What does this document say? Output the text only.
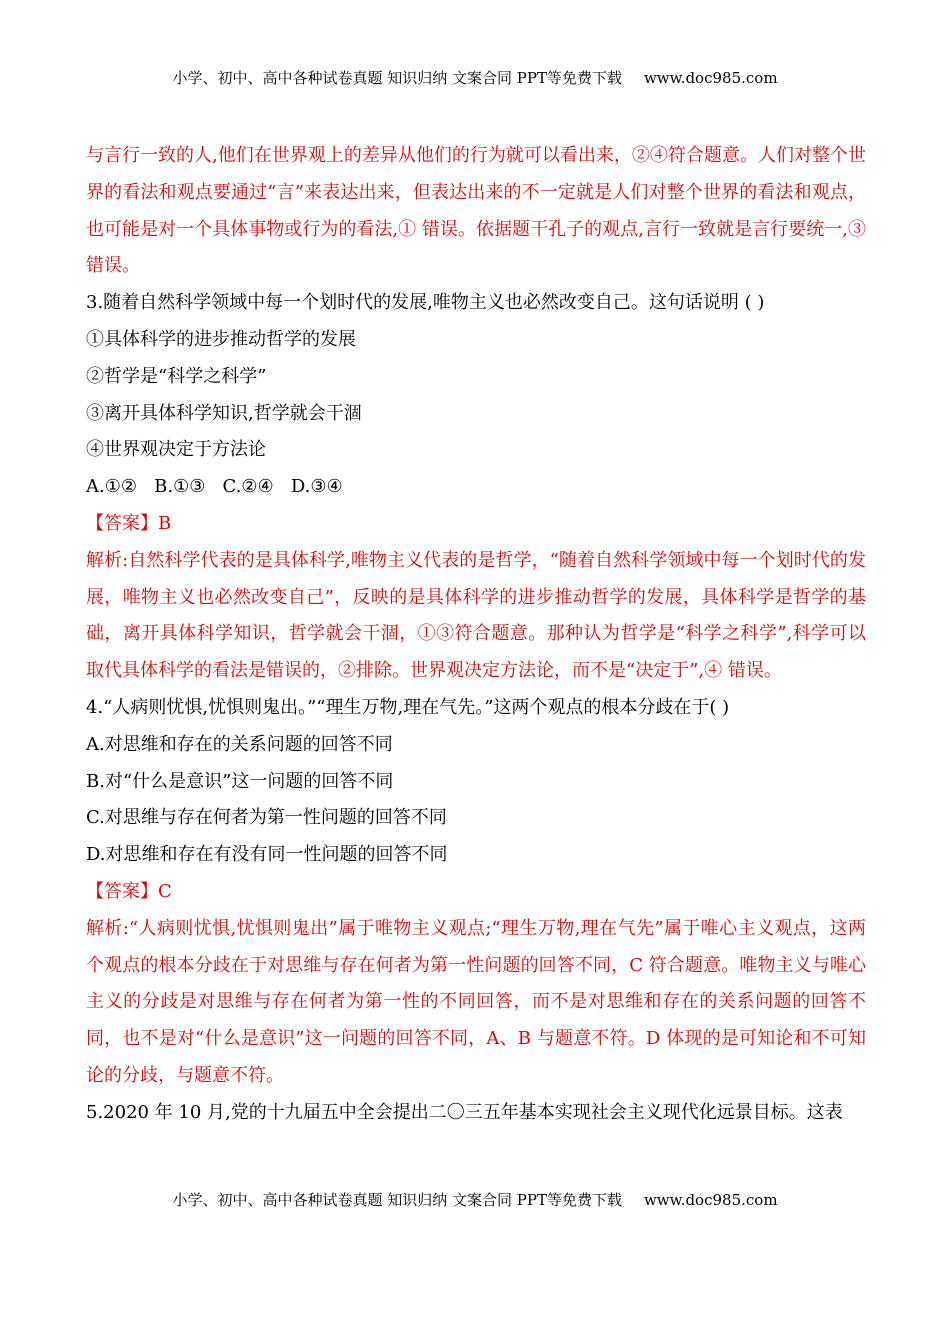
小学、初中、高中各种试卷真题 知识归纳 文案合同 PPT等免费下载 www.doc985.com

与言行一致的人,他们在世界观上的差异从他们的行为就可以看出来，②④符合题意。人们对整个世界的看法和观点要通过“言”来表达出来，但表达出来的不一定就是人们对整个世界的看法和观点，也可能是对一个具体事物或行为的看法,① 错误。依据题干孔子的观点,言行一致就是言行要统一,③ 错误。

3.随着自然科学领域中每一个划时代的发展,唯物主义也必然改变自己。这句话说明 ( )

①具体科学的进步推动哲学的发展

②哲学是“科学之科学”

③离开具体科学知识,哲学就会干涸

④世界观决定于方法论

A.①②   B.①③   C.②④   D.③④

【答案】B

解析:自然科学代表的是具体科学,唯物主义代表的是哲学，“随着自然科学领域中每一个划时代的发展，唯物主义也必然改变自己”，反映的是具体科学的进步推动哲学的发展，具体科学是哲学的基础，离开具体科学知识，哲学就会干涸，①③符合题意。那种认为哲学是“科学之科学”,科学可以取代具体科学的看法是错误的，②排除。世界观决定方法论，而不是“决定于”,④ 错误。

4.“人病则忧惧,忧惧则鬼出。”“理生万物,理在气先。”这两个观点的根本分歧在于( )

A.对思维和存在的关系问题的回答不同

B.对“什么是意识”这一问题的回答不同

C.对思维与存在何者为第一性问题的回答不同

D.对思维和存在有没有同一性问题的回答不同

【答案】C

解析:“人病则忧惧,忧惧则鬼出”属于唯物主义观点;“理生万物,理在气先”属于唯心主义观点，这两个观点的根本分歧在于对思维与存在何者为第一性问题的回答不同，C 符合题意。唯物主义与唯心主义的分歧是对思维与存在何者为第一性的不同回答，而不是对思维和存在的关系问题的回答不同，也不是对“什么是意识”这一问题的回答不同，A、B 与题意不符。D 体现的是可知论和不可知论的分歧，与题意不符。

5.2020 年 10 月,党的十九届五中全会提出二〇三五年基本实现社会主义现代化远景目标。这表

小学、初中、高中各种试卷真题 知识归纳 文案合同 PPT等免费下载 www.doc985.com
